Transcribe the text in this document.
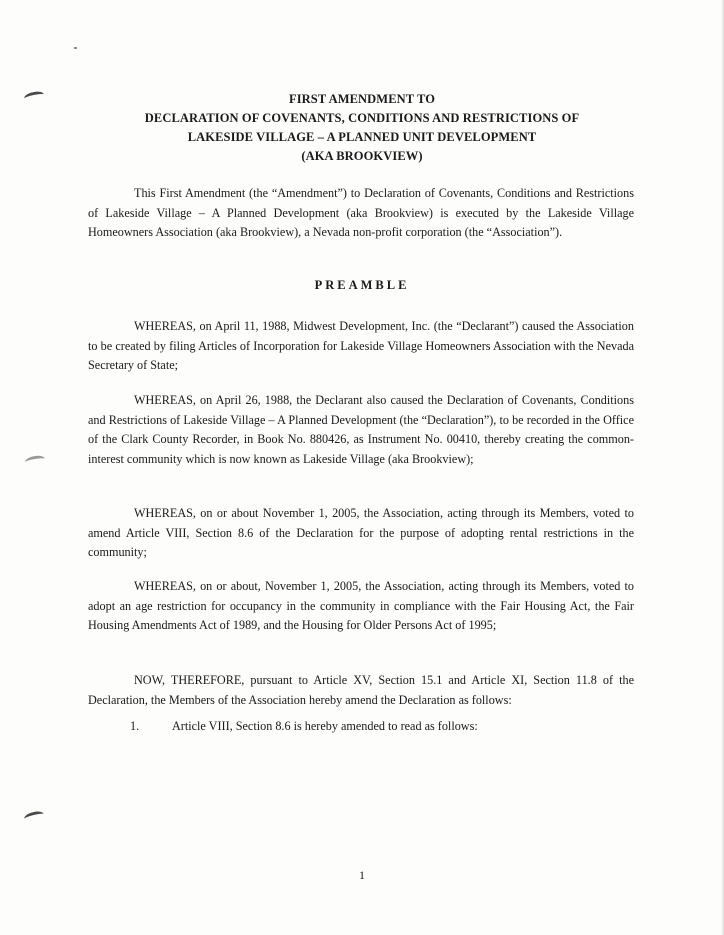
FIRST AMENDMENT TO
DECLARATION OF COVENANTS, CONDITIONS AND RESTRICTIONS OF
LAKESIDE VILLAGE – A PLANNED UNIT DEVELOPMENT
(AKA BROOKVIEW)
This First Amendment (the “Amendment”) to Declaration of Covenants, Conditions and Restrictions of Lakeside Village – A Planned Development (aka Brookview) is executed by the Lakeside Village Homeowners Association (aka Brookview), a Nevada non-profit corporation (the “Association”).
PREAMBLE
WHEREAS, on April 11, 1988, Midwest Development, Inc. (the “Declarant”) caused the Association to be created by filing Articles of Incorporation for Lakeside Village Homeowners Association with the Nevada Secretary of State;
WHEREAS, on April 26, 1988, the Declarant also caused the Declaration of Covenants, Conditions and Restrictions of Lakeside Village – A Planned Development (the “Declaration”), to be recorded in the Office of the Clark County Recorder, in Book No. 880426, as Instrument No. 00410, thereby creating the common-interest community which is now known as Lakeside Village (aka Brookview);
WHEREAS, on or about November 1, 2005, the Association, acting through its Members, voted to amend Article VIII, Section 8.6 of the Declaration for the purpose of adopting rental restrictions in the community;
WHEREAS, on or about, November 1, 2005, the Association, acting through its Members, voted to adopt an age restriction for occupancy in the community in compliance with the Fair Housing Act, the Fair Housing Amendments Act of 1989, and the Housing for Older Persons Act of 1995;
NOW, THEREFORE, pursuant to Article XV, Section 15.1 and Article XI, Section 11.8 of the Declaration, the Members of the Association hereby amend the Declaration as follows:
1.	Article VIII, Section 8.6 is hereby amended to read as follows:
1
